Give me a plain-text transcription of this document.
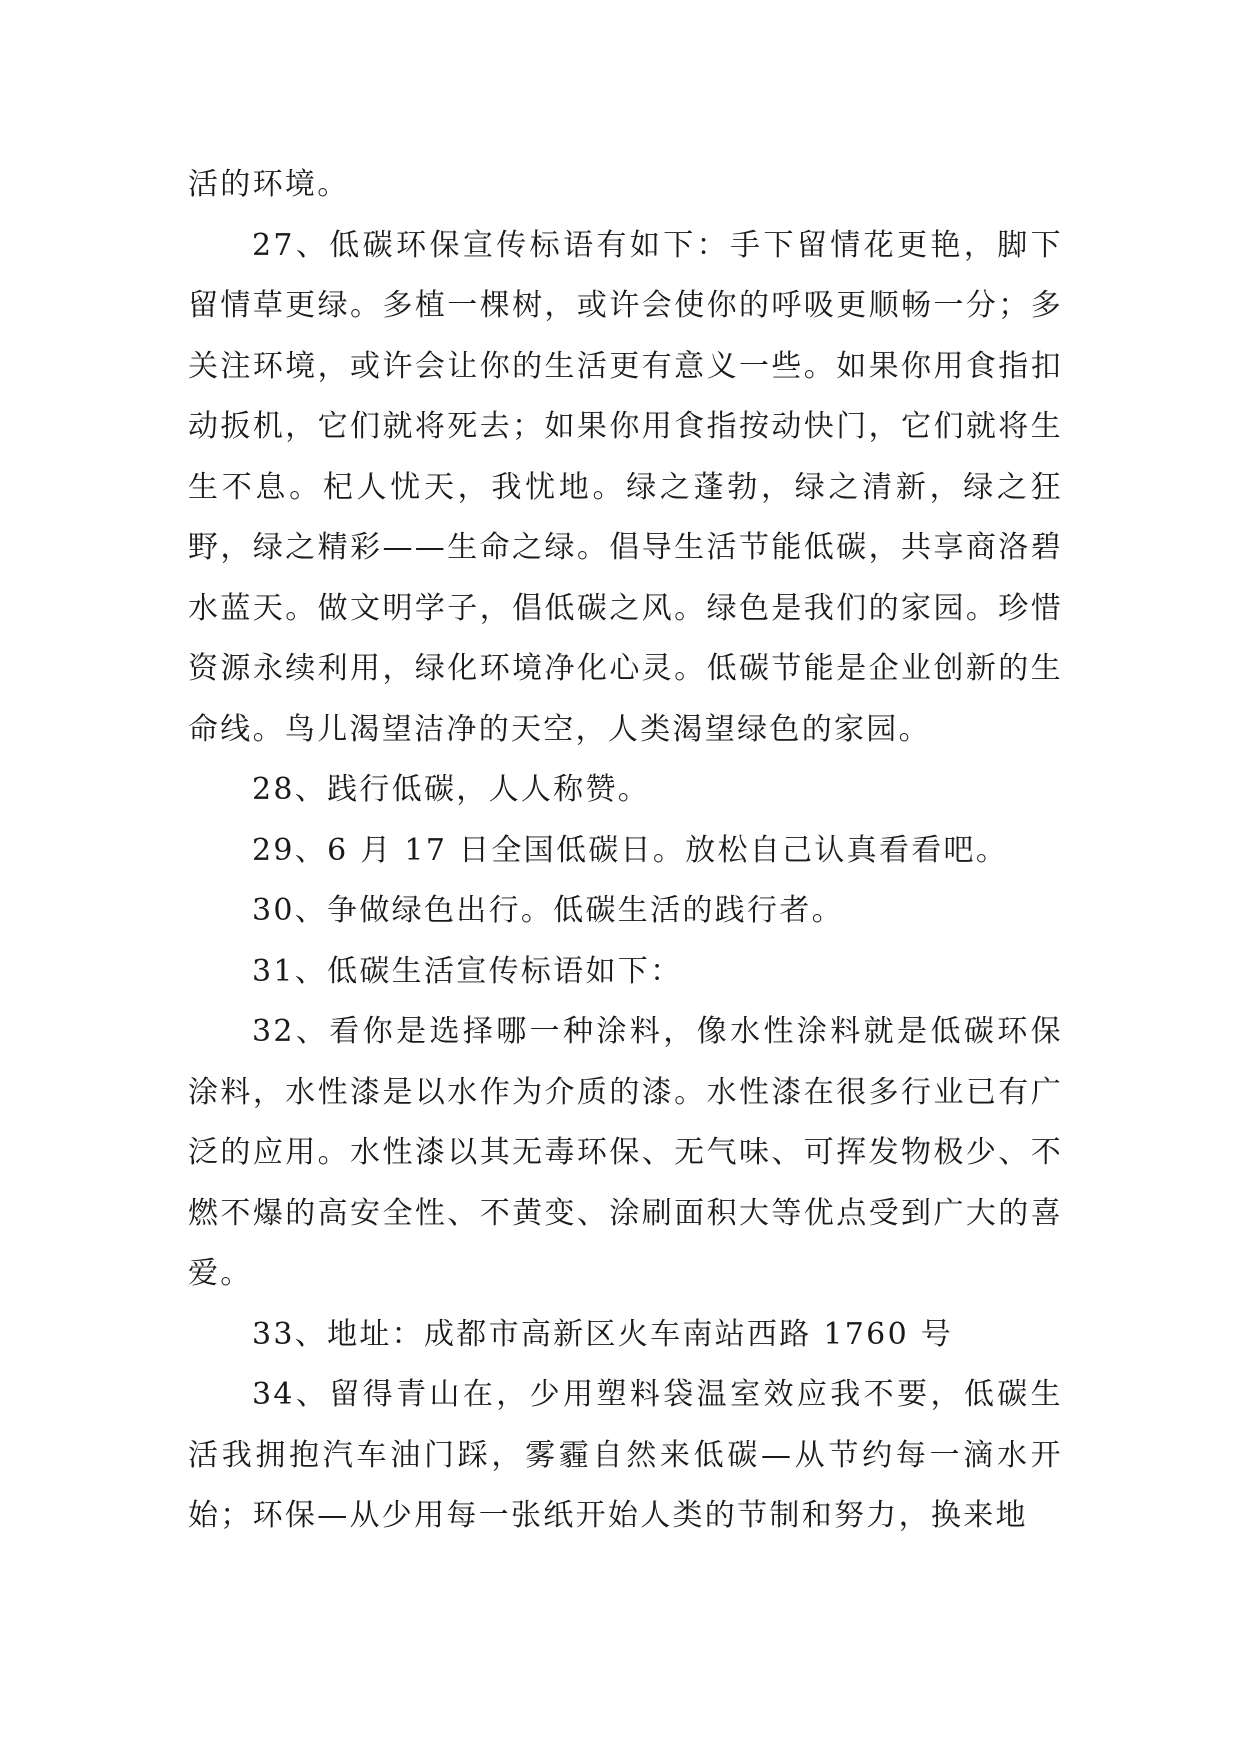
活的环境。

27、低碳环保宣传标语有如下：手下留情花更艳，脚下留情草更绿。多植一棵树，或许会使你的呼吸更顺畅一分；多关注环境，或许会让你的生活更有意义一些。如果你用食指扣动扳机，它们就将死去；如果你用食指按动快门，它们就将生生不息。杞人忧天，我忧地。绿之蓬勃，绿之清新，绿之狂野，绿之精彩——生命之绿。倡导生活节能低碳，共享商洛碧水蓝天。做文明学子，倡低碳之风。绿色是我们的家园。珍惜资源永续利用，绿化环境净化心灵。低碳节能是企业创新的生命线。鸟儿渴望洁净的天空，人类渴望绿色的家园。

28、践行低碳，人人称赞。

29、6 月 17 日全国低碳日。放松自己认真看看吧。

30、争做绿色出行。低碳生活的践行者。

31、低碳生活宣传标语如下：

32、看你是选择哪一种涂料，像水性涂料就是低碳环保涂料，水性漆是以水作为介质的漆。水性漆在很多行业已有广泛的应用。水性漆以其无毒环保、无气味、可挥发物极少、不燃不爆的高安全性、不黄变、涂刷面积大等优点受到广大的喜爱。

33、地址：成都市高新区火车南站西路 1760 号

34、留得青山在，少用塑料袋温室效应我不要，低碳生活我拥抱汽车油门踩，雾霾自然来低碳—从节约每一滴水开始；环保—从少用每一张纸开始人类的节制和努力，换来地
